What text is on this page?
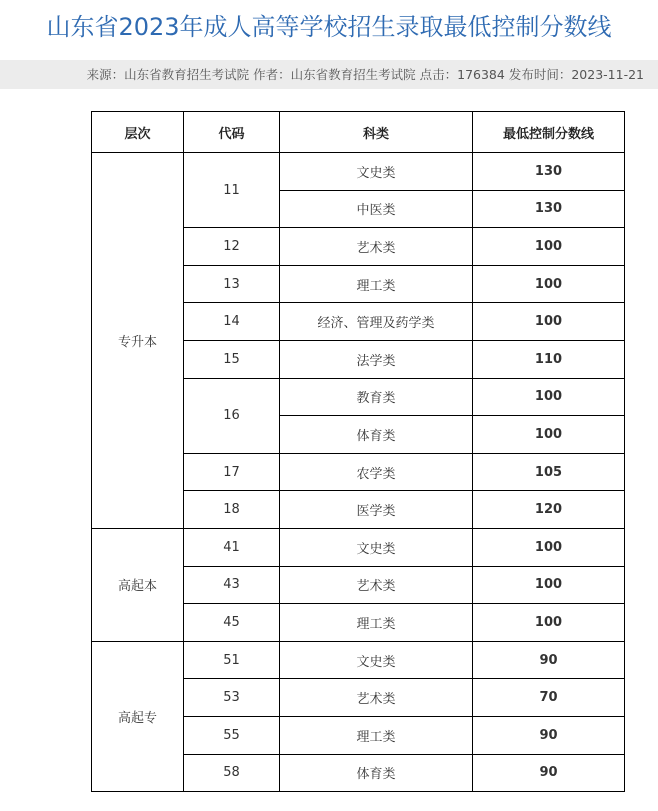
山东省2023年成人高等学校招生录取最低控制分数线
来源：山东省教育招生考试院 作者：山东省教育招生考试院 点击：176384 发布时间：2023-11-21
层次	代码	科类	最低控制分数线
专升本	11	文史类	130
		中医类	130
	12	艺术类	100
	13	理工类	100
	14	经济、管理及药学类	100
	15	法学类	110
	16	教育类	100
		体育类	100
	17	农学类	105
	18	医学类	120
高起本	41	文史类	100
	43	艺术类	100
	45	理工类	100
高起专	51	文史类	90
	53	艺术类	70
	55	理工类	90
	58	体育类	90
